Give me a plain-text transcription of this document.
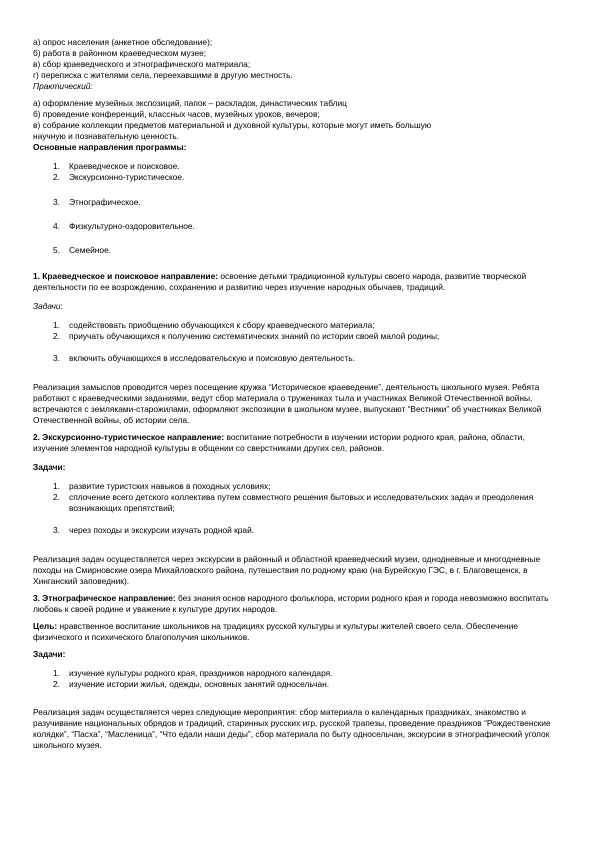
а) опрос населения (анкетное обследование);

б) работа в районном краеведческом музее;

в) сбор краеведческого и этнографического материала;

г) переписка с жителями села, переехавшими в другую местность.

Практический:

а) оформление музейных экспозиций, папок – раскладок, династических таблиц

б) проведение конференций, классных часов, музейных уроков, вечеров;

в) собрание коллекции предметов материальной и духовной культуры, которые могут иметь большую

научную и познавательную ценность.

Основные направления программы:

1. Краеведческое и поисковое.
2. Экскурсионно-туристическое.
3. Этнографическое.
4. Физкультурно-оздоровительное.
5. Семейное.

1. Краеведческое и поисковое направление: освоение детьми традиционной культуры своего народа, развитие творческой деятельности по ее возрождению, сохранению и развитию через изучение народных обычаев, традиций.

Задачи:

1. содействовать приобщению обучающихся к сбору краеведческого материала;
2. приучать обучающихся к получению систематических знаний по истории своей малой родины;
3. включить обучающихся в исследовательскую и поисковую деятельность.

Реализация замыслов проводится через посещение кружка “Историческое краеведение”, деятельность школьного музея. Ребята работают с краеведческими заданиями, ведут сбор материала о тружениках тыла и участниках Великой Отечественной войны, встречаются с земляками-старожилами, оформляют экспозиции в школьном музее, выпускают “Вестники” об участниках Великой Отечественной войны, об истории села.

2. Экскурсионно-туристическое направление: воспитание потребности в изучении истории родного края, района, области, изучение элементов народной культуры в общении со сверстниками других сел, районов.

Задачи:

1. развитие туристских навыков в походных условиях;
2. сплочение всего детского коллектива путем совместного решения бытовых и исследовательских задач и преодоления возникающих препятствий;
3. через походы и экскурсии изучать родной край.

Реализация задач осуществляется через экскурсии в районный и областной краеведческий музеи, однодневные и многодневные походы на Смирновские озера Михайловского района, путешествия по родному краю (на Бурейскую ГЭС, в г. Благовещенск, в Хинганский заповедник).

3. Этнографическое направление: без знания основ народного фольклора, истории родного края и города невозможно воспитать любовь к своей родине и уважение к культуре других народов.

Цель: нравственное воспитание школьников на традициях русской культуры и культуры жителей своего села. Обеспечение физического и психического благополучия школьников.

Задачи:

1. изучение культуры родного края, праздников народного календаря.
2. изучение истории жилья, одежды, основных занятий односельчан.

Реализация задач осуществляется через следующие мероприятия: сбор материала о календарных праздниках, знакомство и разучивание национальных обрядов и традиций, старинных русских игр, русской трапезы, проведение праздников “Рождественские колядки”, “Пасха”, “Масленица”, “Что едали наши деды”, сбор материала по быту односельчан, экскурсии в этнографический уголок школьного музея.
